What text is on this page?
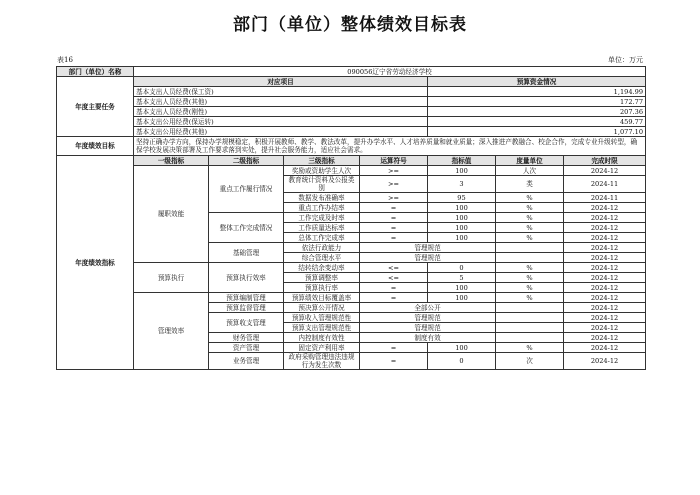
部门（单位）整体绩效目标表
表16	单位：万元
部门（单位）名称	090056辽宁省劳动经济学校						
年度主要任务	对应项目				预算资金情况		
	基本支出人员经费(保工资)				1,194.99		
	基本支出人员经费(其他)				172.77		
	基本支出人员经费(刚性)				207.36		
	基本支出公用经费(保运转)				459.77		
	基本支出公用经费(其他)				1,077.10		
年度绩效目标	坚持正确办学方向，保持办学规模稳定，积极开展教师、教学、教法改革，提升办学水平、人才培养质量和就业质量；深入推进产教融合、校企合作，完成专业升级转型，确保学校发展决策部署及工作要求落到实处，提升社会服务能力，适应社会需求。						
年度绩效指标	一级指标	二级指标	三级指标	运算符号	指标值	度量单位	完成时限
	履职效能	重点工作履行情况	奖励或资助学生人次	>=	100	人次	2024-12
			教育统计资料及公报类别	>=	3	类	2024-11
			数据发布准确率	>=	95	%	2024-11
			重点工作办结率	=	100	%	2024-12
		整体工作完成情况	工作完成及时率	=	100	%	2024-12
			工作质量达标率	=	100	%	2024-12
			总体工作完成率	=	100	%	2024-12
		基础管理	依法行政能力	管理规范			2024-12
			综合管理水平	管理规范			2024-12
	预算执行	预算执行效率	结转结余变动率	<=	0	%	2024-12
			预算调整率	<=	5	%	2024-12
			预算执行率	=	100	%	2024-12
	管理效率	预算编制管理	预算绩效目标覆盖率	=	100	%	2024-12
		预算监督管理	预决算公开情况	全部公开			2024-12
		预算收支管理	预算收入管理规范性	管理规范			2024-12
			预算支出管理规范性	管理规范			2024-12
		财务管理	内控制度有效性	制度有效			2024-12
		资产管理	固定资产利用率	=	100	%	2024-12
		业务管理	政府采购管理违法违规行为发生次数	=	0	次	2024-12
